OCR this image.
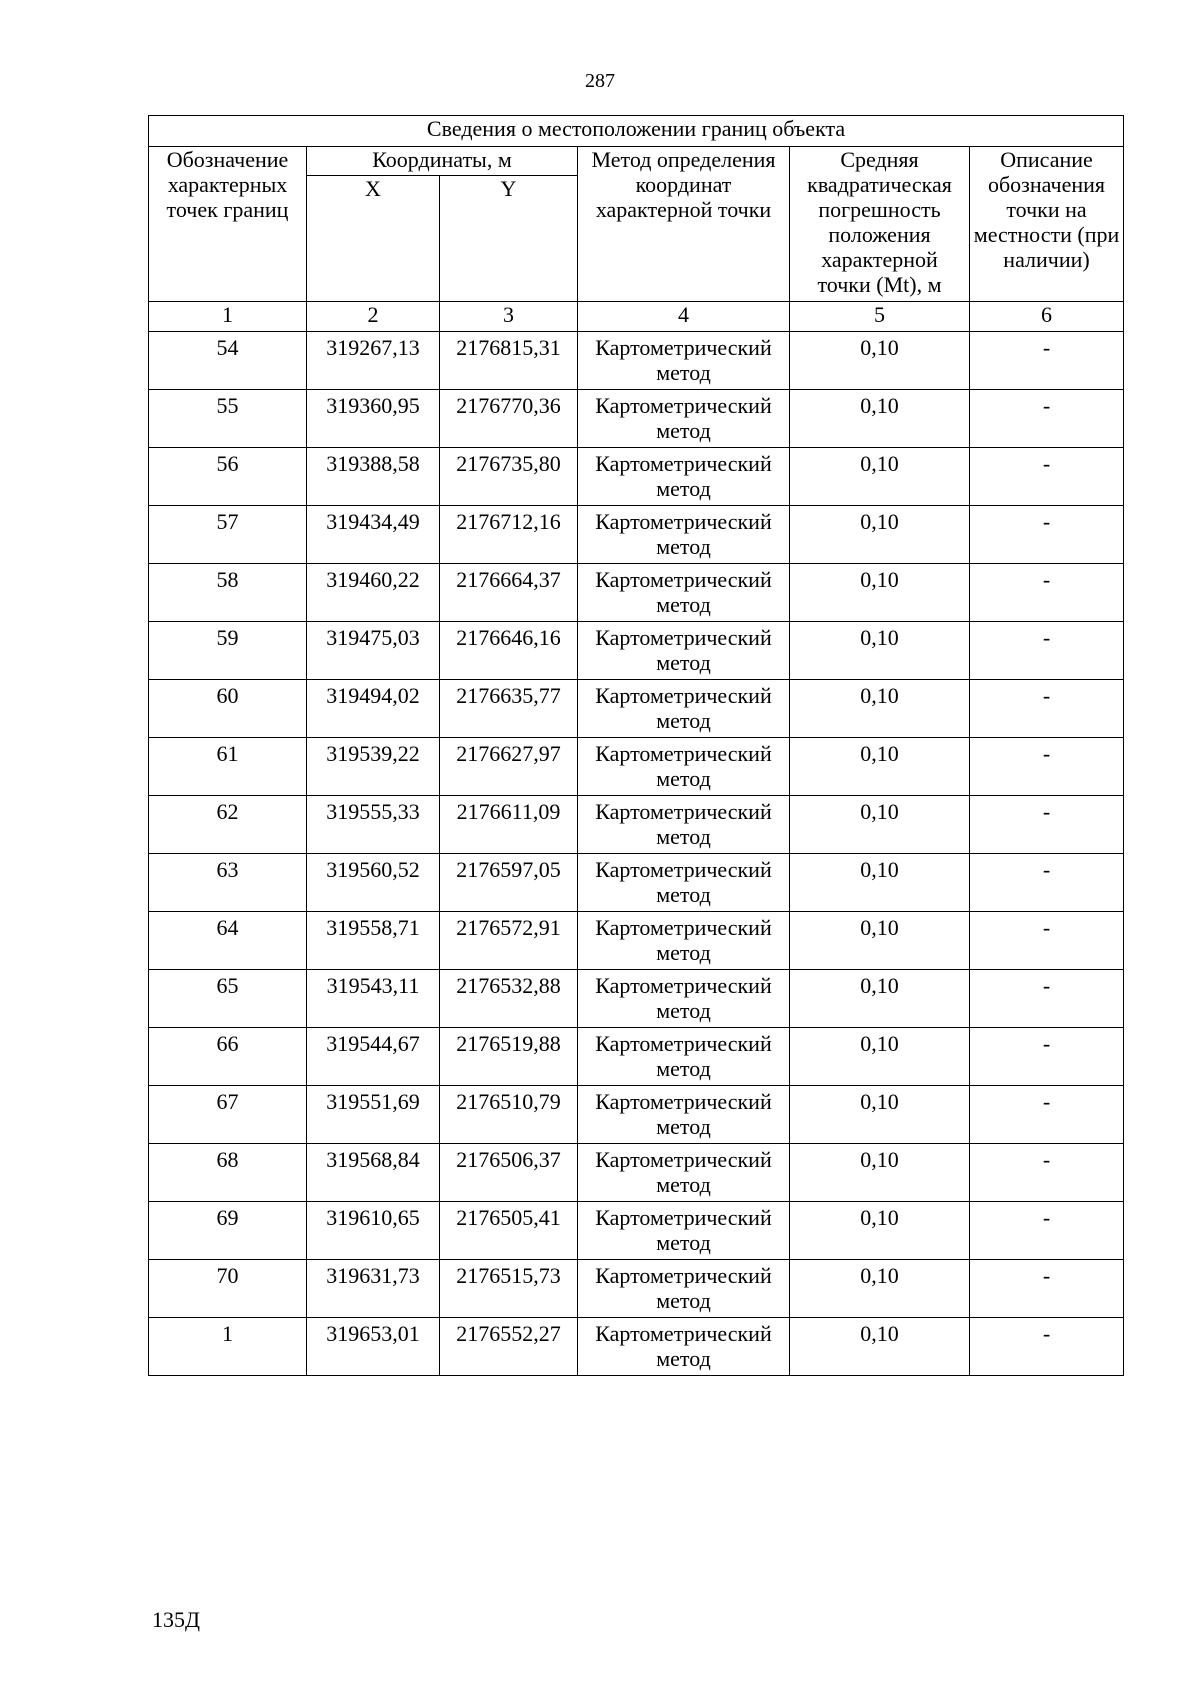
287
Сведения о местоположении границ объекта					
Обозначение характерных точек границ	Координаты, м		Метод определения координат характерной точки	Средняя квадратическая погрешность положения характерной точки (Mt), м	Описание обозначения точки на местности (при наличии)
	X	Y			
1	2	3	4	5	6
54	319267,13	2176815,31	Картометрический метод	0,10	-
55	319360,95	2176770,36	Картометрический метод	0,10	-
56	319388,58	2176735,80	Картометрический метод	0,10	-
57	319434,49	2176712,16	Картометрический метод	0,10	-
58	319460,22	2176664,37	Картометрический метод	0,10	-
59	319475,03	2176646,16	Картометрический метод	0,10	-
60	319494,02	2176635,77	Картометрический метод	0,10	-
61	319539,22	2176627,97	Картометрический метод	0,10	-
62	319555,33	2176611,09	Картометрический метод	0,10	-
63	319560,52	2176597,05	Картометрический метод	0,10	-
64	319558,71	2176572,91	Картометрический метод	0,10	-
65	319543,11	2176532,88	Картометрический метод	0,10	-
66	319544,67	2176519,88	Картометрический метод	0,10	-
67	319551,69	2176510,79	Картометрический метод	0,10	-
68	319568,84	2176506,37	Картометрический метод	0,10	-
69	319610,65	2176505,41	Картометрический метод	0,10	-
70	319631,73	2176515,73	Картометрический метод	0,10	-
1	319653,01	2176552,27	Картометрический метод	0,10	-
135Д
